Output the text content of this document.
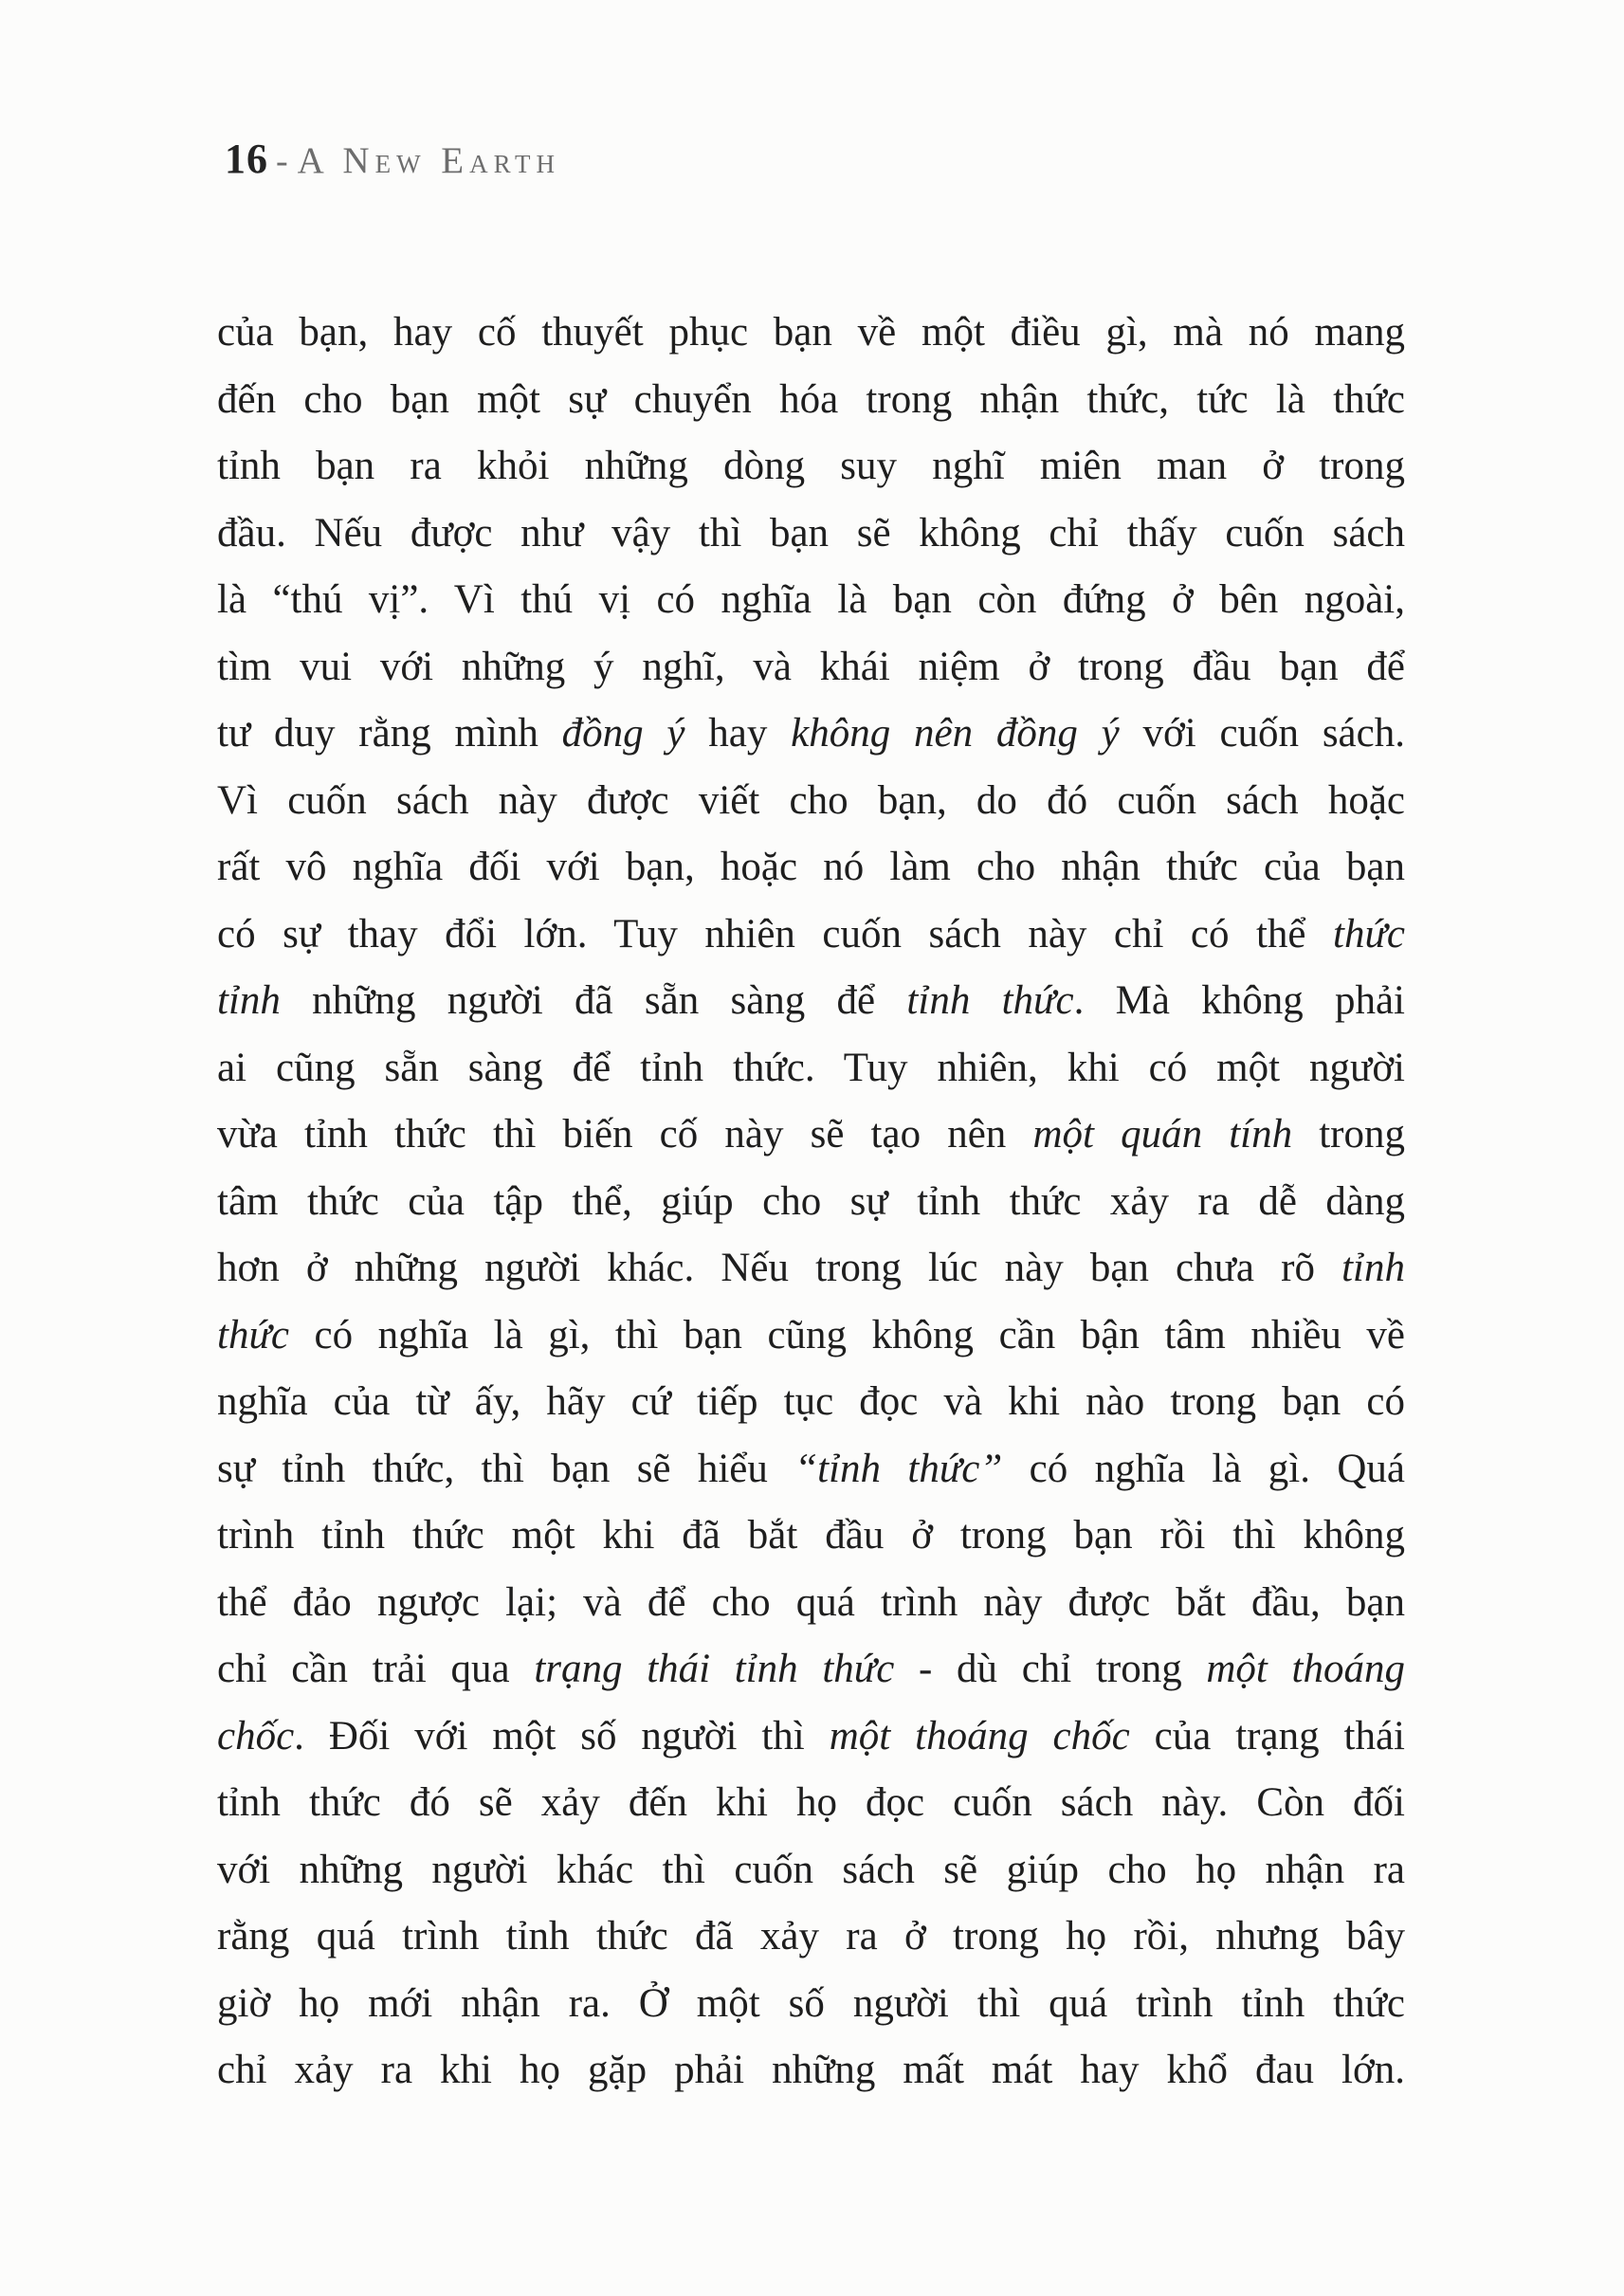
16 - A New Earth
của bạn, hay cố thuyết phục bạn về một điều gì, mà nó mang
đến cho bạn một sự chuyển hóa trong nhận thức, tức là thức
tỉnh bạn ra khỏi những dòng suy nghĩ miên man ở trong
đầu. Nếu được như vậy thì bạn sẽ không chỉ thấy cuốn sách
là “thú vị”. Vì thú vị có nghĩa là bạn còn đứng ở bên ngoài,
tìm vui với những ý nghĩ, và khái niệm ở trong đầu bạn để
tư duy rằng mình đồng ý hay không nên đồng ý với cuốn sách.
Vì cuốn sách này được viết cho bạn, do đó cuốn sách hoặc
rất vô nghĩa đối với bạn, hoặc nó làm cho nhận thức của bạn
có sự thay đổi lớn. Tuy nhiên cuốn sách này chỉ có thể thức
tỉnh những người đã sẵn sàng để tỉnh thức. Mà không phải
ai cũng sẵn sàng để tỉnh thức. Tuy nhiên, khi có một người
vừa tỉnh thức thì biến cố này sẽ tạo nên một quán tính trong
tâm thức của tập thể, giúp cho sự tỉnh thức xảy ra dễ dàng
hơn ở những người khác. Nếu trong lúc này bạn chưa rõ tỉnh
thức có nghĩa là gì, thì bạn cũng không cần bận tâm nhiều về
nghĩa của từ ấy, hãy cứ tiếp tục đọc và khi nào trong bạn có
sự tỉnh thức, thì bạn sẽ hiểu “tỉnh thức” có nghĩa là gì. Quá
trình tỉnh thức một khi đã bắt đầu ở trong bạn rồi thì không
thể đảo ngược lại; và để cho quá trình này được bắt đầu, bạn
chỉ cần trải qua trạng thái tỉnh thức - dù chỉ trong một thoáng
chốc. Đối với một số người thì một thoáng chốc của trạng thái
tỉnh thức đó sẽ xảy đến khi họ đọc cuốn sách này. Còn đối
với những người khác thì cuốn sách sẽ giúp cho họ nhận ra
rằng quá trình tỉnh thức đã xảy ra ở trong họ rồi, nhưng bây
giờ họ mới nhận ra. Ở một số người thì quá trình tỉnh thức
chỉ xảy ra khi họ gặp phải những mất mát hay khổ đau lớn.
